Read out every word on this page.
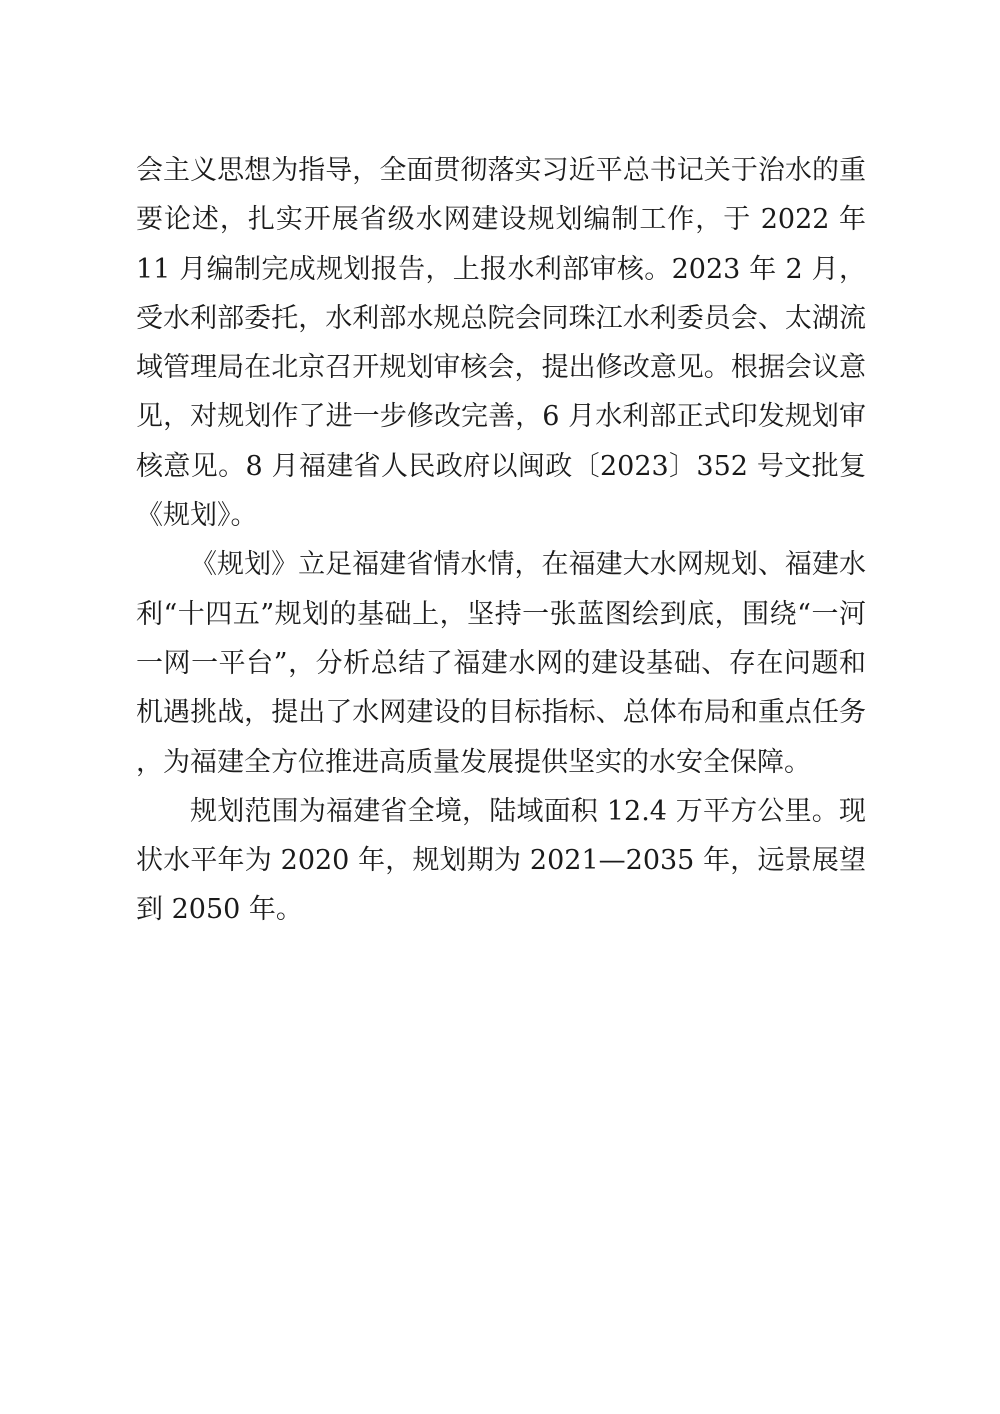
会主义思想为指导，全面贯彻落实习近平总书记关于治水的重要论述，扎实开展省级水网建设规划编制工作，于 2022 年 11 月编制完成规划报告，上报水利部审核。2023 年 2 月，受水利部委托，水利部水规总院会同珠江水利委员会、太湖流域管理局在北京召开规划审核会，提出修改意见。根据会议意见，对规划作了进一步修改完善，6 月水利部正式印发规划审核意见。8 月福建省人民政府以闽政〔2023〕352 号文批复《规划》。

《规划》立足福建省情水情，在福建大水网规划、福建水利“十四五”规划的基础上，坚持一张蓝图绘到底，围绕“一河一网一平台”，分析总结了福建水网的建设基础、存在问题和机遇挑战，提出了水网建设的目标指标、总体布局和重点任务，为福建全方位推进高质量发展提供坚实的水安全保障。

规划范围为福建省全境，陆域面积 12.4 万平方公里。现状水平年为 2020 年，规划期为 2021—2035 年，远景展望到 2050 年。
